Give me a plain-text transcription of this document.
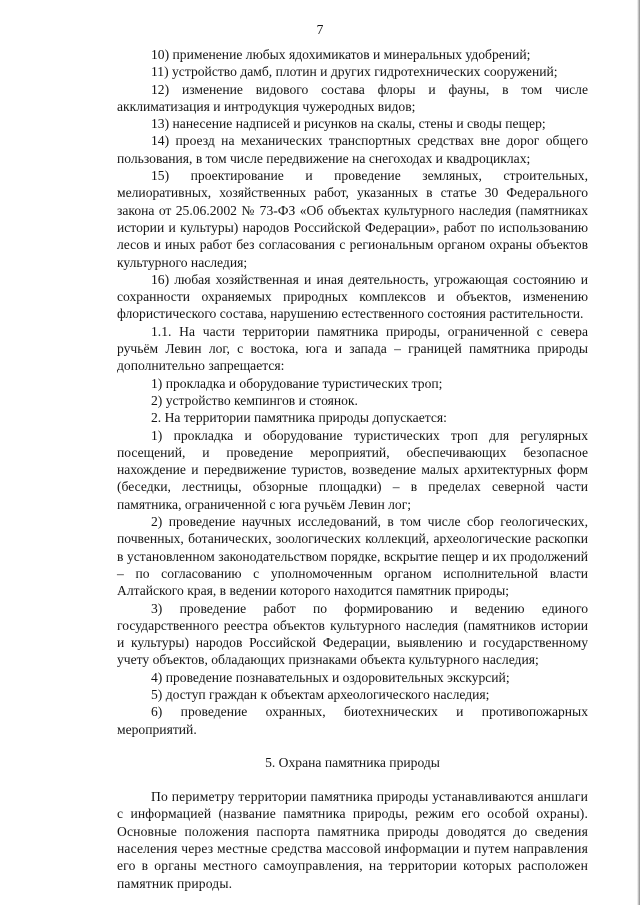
7

10) применение любых ядохимикатов и минеральных удобрений;

11) устройство дамб, плотин и других гидротехнических сооружений;

12) изменение видового состава флоры и фауны, в том числе акклиматизация и интродукция чужеродных видов;

13) нанесение надписей и рисунков на скалы, стены и своды пещер;

14) проезд на механических транспортных средствах вне дорог общего пользования, в том числе передвижение на снегоходах и квадроциклах;

15) проектирование и проведение земляных, строительных, мелиоративных, хозяйственных работ, указанных в статье 30 Федерального закона от 25.06.2002 № 73-ФЗ «Об объектах культурного наследия (памятниках истории и культуры) народов Российской Федерации», работ по использованию лесов и иных работ без согласования с региональным органом охраны объектов культурного наследия;

16) любая хозяйственная и иная деятельность, угрожающая состоянию и сохранности охраняемых природных комплексов и объектов, изменению флористического состава, нарушению естественного состояния растительности.

1.1. На части территории памятника природы, ограниченной с севера ручьём Левин лог, с востока, юга и запада – границей памятника природы дополнительно запрещается:

1) прокладка и оборудование туристических троп;

2) устройство кемпингов и стоянок.

2. На территории памятника природы допускается:

1) прокладка и оборудование туристических троп для регулярных посещений, и проведение мероприятий, обеспечивающих безопасное нахождение и передвижение туристов, возведение малых архитектурных форм (беседки, лестницы, обзорные площадки) – в пределах северной части памятника, ограниченной с юга ручьём Левин лог;

2) проведение научных исследований, в том числе сбор геологических, почвенных, ботанических, зоологических коллекций, археологические раскопки в установленном законодательством порядке, вскрытие пещер и их продолжений – по согласованию с уполномоченным органом исполнительной власти Алтайского края, в ведении которого находится памятник природы;

3) проведение работ по формированию и ведению единого государственного реестра объектов культурного наследия (памятников истории и культуры) народов Российской Федерации, выявлению и государственному учету объектов, обладающих признаками объекта культурного наследия;

4) проведение познавательных и оздоровительных экскурсий;

5) доступ граждан к объектам археологического наследия;

6) проведение охранных, биотехнических и противопожарных мероприятий.

5. Охрана памятника природы

По периметру территории памятника природы устанавливаются аншлаги с информацией (название памятника природы, режим его особой охраны). Основные положения паспорта памятника природы доводятся до сведения населения через местные средства массовой информации и путем направления его в органы местного самоуправления, на территории которых расположен памятник природы.
